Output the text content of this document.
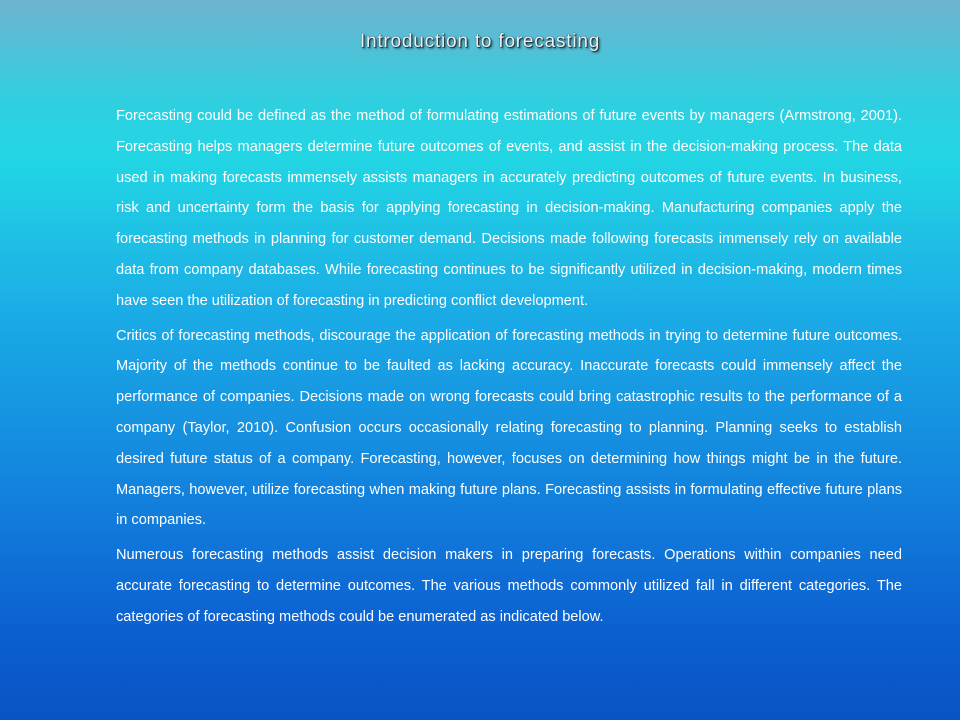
Introduction to forecasting

Forecasting could be defined as the method of formulating estimations of future events by managers (Armstrong, 2001). Forecasting helps managers determine future outcomes of events, and assist in the decision-making process. The data used in making forecasts immensely assists managers in accurately predicting outcomes of future events. In business, risk and uncertainty form the basis for applying forecasting in decision-making. Manufacturing companies apply the forecasting methods in planning for customer demand. Decisions made following forecasts immensely rely on available data from company databases. While forecasting continues to be significantly utilized in decision-making, modern times have seen the utilization of forecasting in predicting conflict development.

Critics of forecasting methods, discourage the application of forecasting methods in trying to determine future outcomes. Majority of the methods continue to be faulted as lacking accuracy. Inaccurate forecasts could immensely affect the performance of companies. Decisions made on wrong forecasts could bring catastrophic results to the performance of a company (Taylor, 2010). Confusion occurs occasionally relating forecasting to planning. Planning seeks to establish desired future status of a company. Forecasting, however, focuses on determining how things might be in the future. Managers, however, utilize forecasting when making future plans. Forecasting assists in formulating effective future plans in companies.

Numerous forecasting methods assist decision makers in preparing forecasts. Operations within companies need accurate forecasting to determine outcomes. The various methods commonly utilized fall in different categories. The categories of forecasting methods could be enumerated as indicated below.
